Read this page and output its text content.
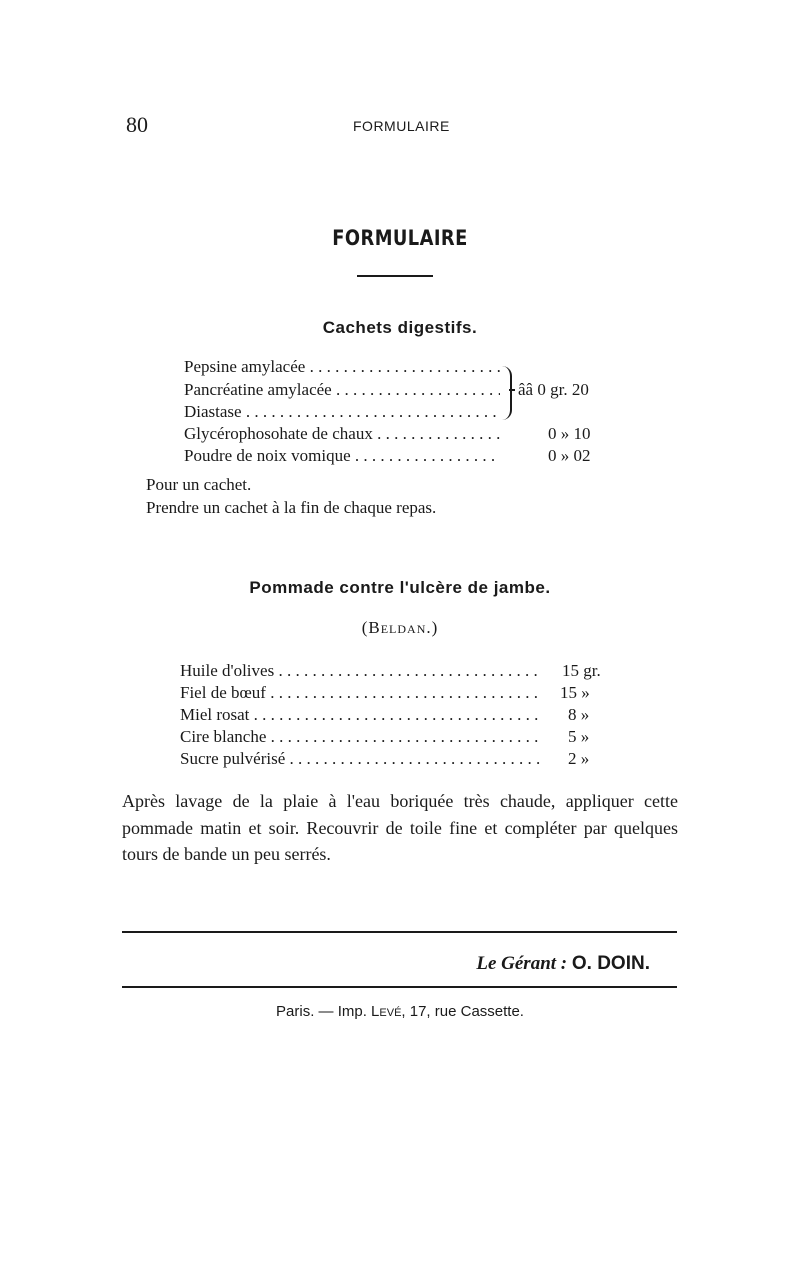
80	FORMULAIRE
FORMULAIRE
Cachets digestifs.
Pepsine amylacée . . .
Pancréatine amylacée . . .	ââ 0 gr. 20
Diastase . . .
Glycérophosohate de chaux . . .	0 » 10
Poudre de noix vomique . . .	0 » 02
Pour un cachet.
Prendre un cachet à la fin de chaque repas.
Pommade contre l'ulcère de jambe.
(Beldan.)
Huile d'olives . . .	15 gr.
Fiel de bœuf . . .	15 »
Miel rosat . . .	8 »
Cire blanche . . .	5 »
Sucre pulvérisé . . .	2 »
Après lavage de la plaie à l'eau boriquée très chaude, appliquer cette pommade matin et soir. Recouvrir de toile fine et compléter par quelques tours de bande un peu serrés.
Le Gérant : O. DOIN.
Paris. — Imp. Levé, 17, rue Cassette.
